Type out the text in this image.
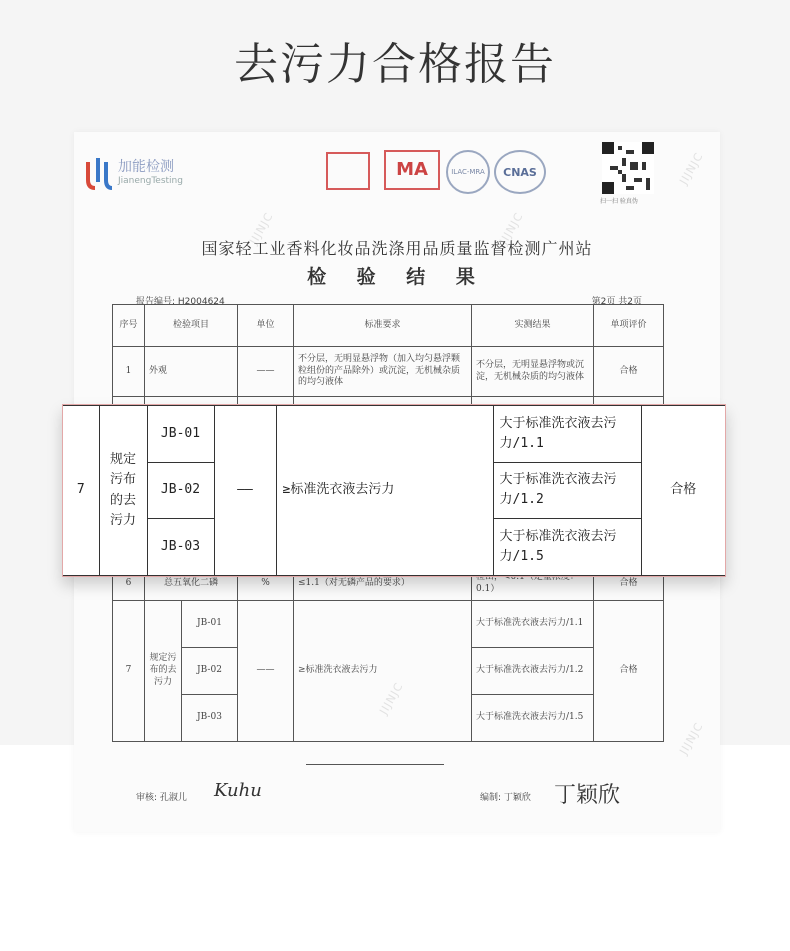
去污力合格报告
JIJNJC
JIJNJC	JIJNJC
JIJNJC
JIJNJC
加能检测
JianengTesting
MA	ILAC-MRA CNAS
扫一扫 验真伪
国家轻工业香料化妆品洗涤用品质量监督检测广州站
检 验 结 果
报告编号: H2004624	第2页 共2页
序号	检验项目		单位	标准要求	实测结果	单项评价
1	外观		——	不分层，无明显悬浮物（加入均匀悬浮颗粒组份的产品除外）或沉淀，无机械杂质的均匀液体	不分层，无明显悬浮物或沉淀，无机械杂质的均匀液体	合格

6	总五氧化二磷		%	≤1.1（对无磷产品的要求）	0.1）	合格
7	规定污布的去污力	JB-01	——	≥标准洗衣液去污力	大于标准洗衣液去污力/1.1	合格
		JB-02			大于标准洗衣液去污力/1.2	
		JB-03			大于标准洗衣液去污力/1.5	
审核: 孔淑儿 Kuhu	编制: 丁颖欣 丁颖欣
7	规定污布的去污力	JB-01	——	≥标准洗衣液去污力	大于标准洗衣液去污力/1.1	合格
		JB-02			大于标准洗衣液去污力/1.2	
		JB-03			大于标准洗衣液去污力/1.5	
